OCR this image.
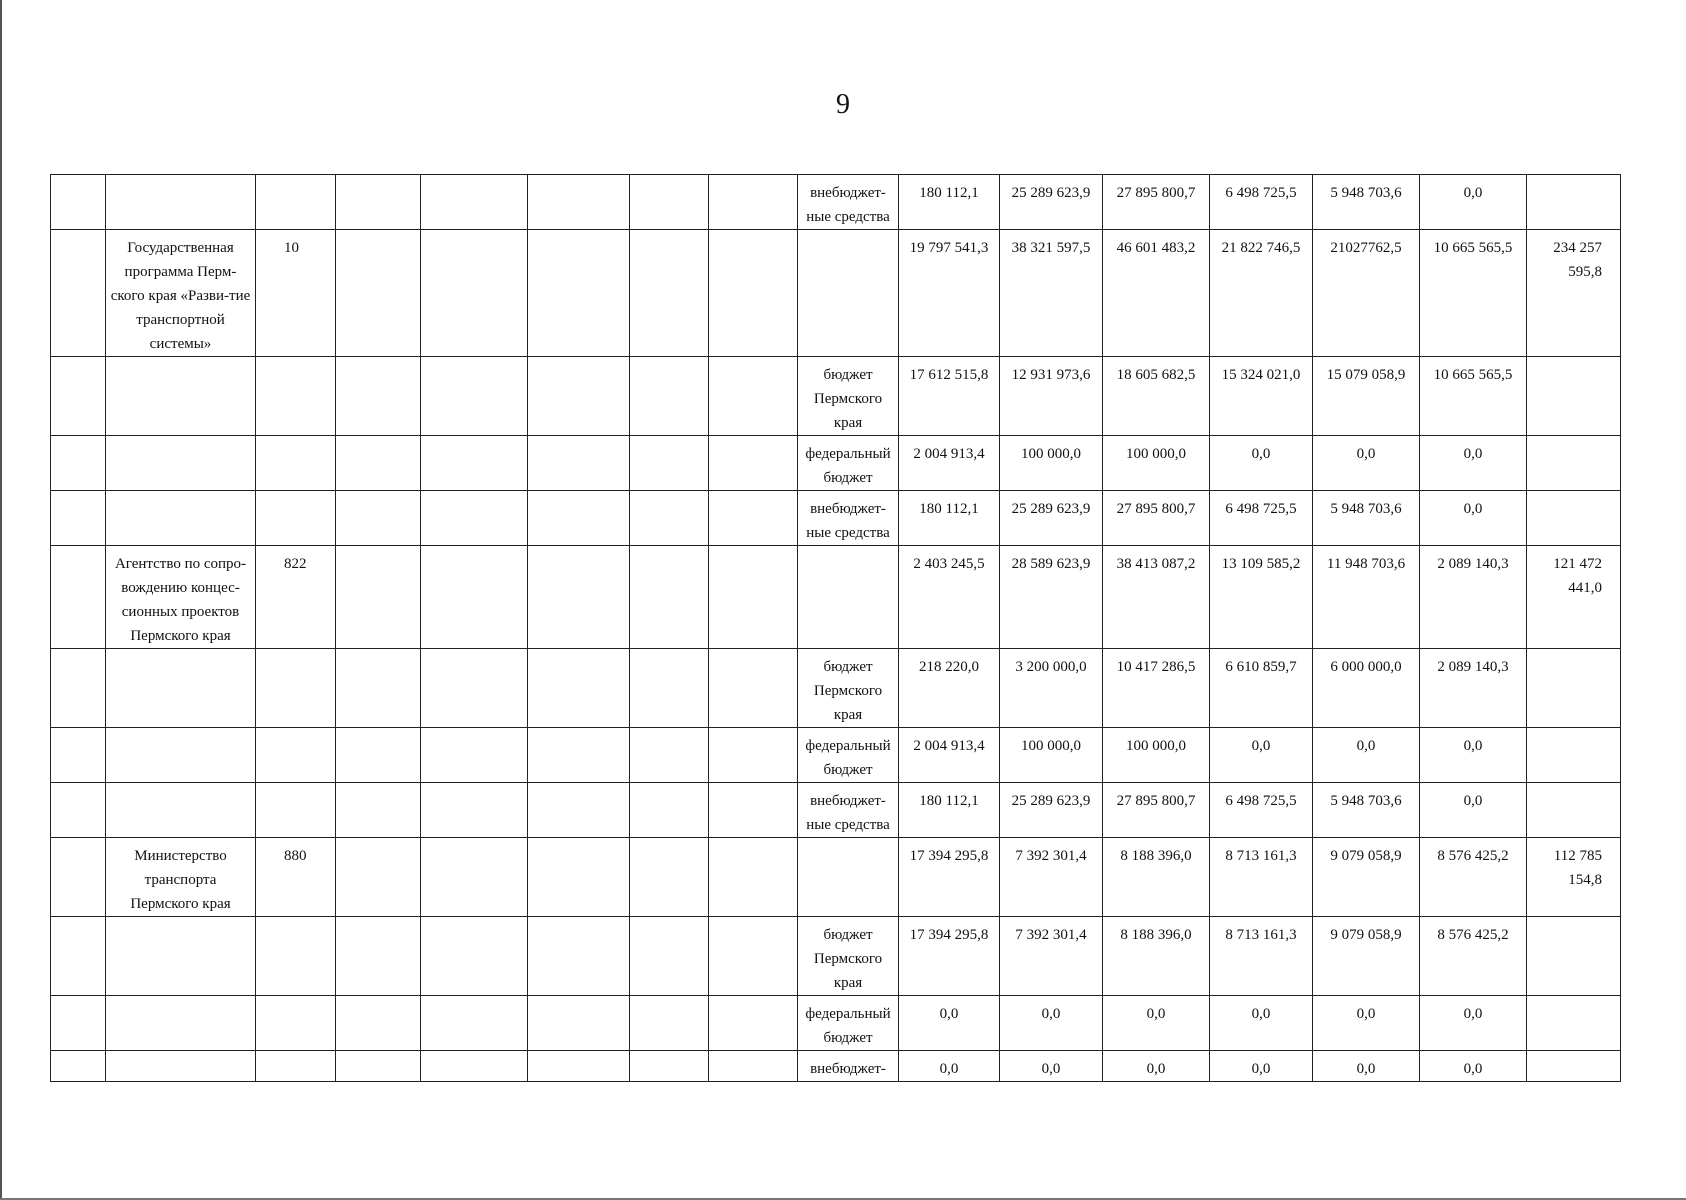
9
								внебюджет-ные средства	180 112,1	25 289 623,9	27 895 800,7	6 498 725,5	5 948 703,6	0,0	
	Государственная программа Перм-ского края «Разви-тие транспортной системы»	10							19 797 541,3	38 321 597,5	46 601 483,2	21 822 746,5	21027762,5	10 665 565,5	234 257 595,8
								бюджет Пермского края	17 612 515,8	12 931 973,6	18 605 682,5	15 324 021,0	15 079 058,9	10 665 565,5	
								федеральный бюджет	2 004 913,4	100 000,0	100 000,0	0,0	0,0	0,0	
								внебюджет-ные средства	180 112,1	25 289 623,9	27 895 800,7	6 498 725,5	5 948 703,6	0,0	
	Агентство по сопро-вождению концес-сионных проектов Пермского края	822							2 403 245,5	28 589 623,9	38 413 087,2	13 109 585,2	11 948 703,6	2 089 140,3	121 472 441,0
								бюджет Пермского края	218 220,0	3 200 000,0	10 417 286,5	6 610 859,7	6 000 000,0	2 089 140,3	
								федеральный бюджет	2 004 913,4	100 000,0	100 000,0	0,0	0,0	0,0	
								внебюджет-ные средства	180 112,1	25 289 623,9	27 895 800,7	6 498 725,5	5 948 703,6	0,0	
	Министерство транспорта Пермского края	880							17 394 295,8	7 392 301,4	8 188 396,0	8 713 161,3	9 079 058,9	8 576 425,2	112 785 154,8
								бюджет Пермского края	17 394 295,8	7 392 301,4	8 188 396,0	8 713 161,3	9 079 058,9	8 576 425,2	
								федеральный бюджет	0,0	0,0	0,0	0,0	0,0	0,0	
								внебюджет-	0,0	0,0	0,0	0,0	0,0	0,0	
